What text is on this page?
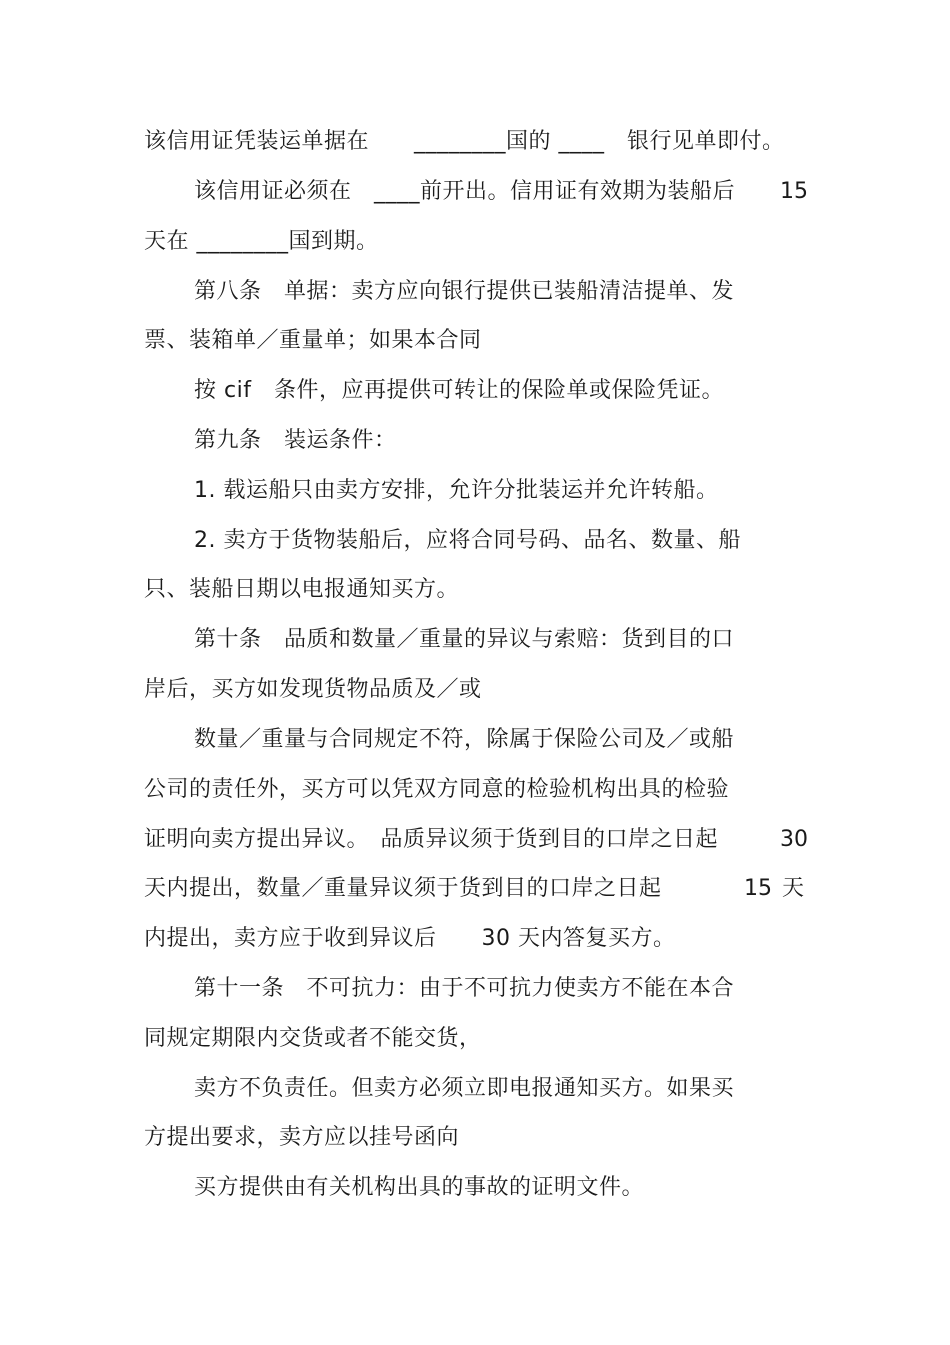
该信用证凭装运单据在　　________国的 ____　银行见单即付。
该信用证必须在　____前开出。信用证有效期为装船后 15
天在 ________国到期。
第八条　单据：卖方应向银行提供已装船清洁提单、发
票、装箱单／重量单；如果本合同
按 cif　条件，应再提供可转让的保险单或保险凭证。
第九条　装运条件：
1. 载运船只由卖方安排，允许分批装运并允许转船。
2. 卖方于货物装船后，应将合同号码、品名、数量、船
只、装船日期以电报通知买方。
第十条　品质和数量／重量的异议与索赔：货到目的口
岸后，买方如发现货物品质及／或
数量／重量与合同规定不符，除属于保险公司及／或船
公司的责任外，买方可以凭双方同意的检验机构出具的检验
证明向卖方提出异议。　品质异议须于货到目的口岸之日起	30
天内提出，数量／重量异议须于货到目的口岸之日起	15 天
内提出，卖方应于收到异议后　　30 天内答复买方。
第十一条　不可抗力：由于不可抗力使卖方不能在本合
同规定期限内交货或者不能交货，
卖方不负责任。但卖方必须立即电报通知买方。如果买
方提出要求，卖方应以挂号函向
买方提供由有关机构出具的事故的证明文件。
